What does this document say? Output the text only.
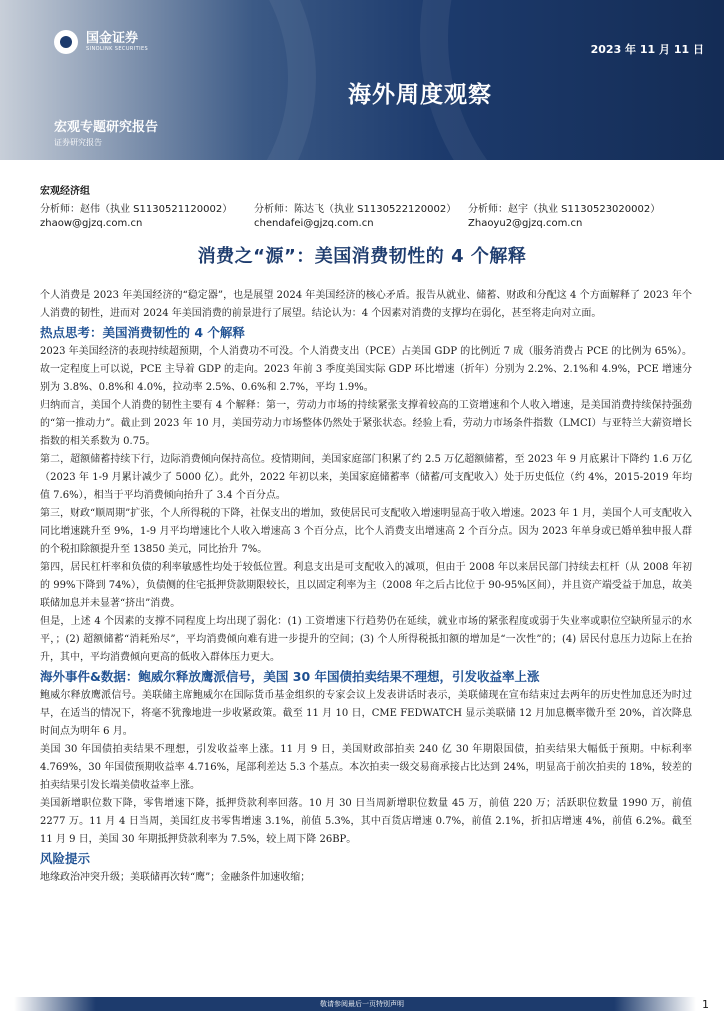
国金证券
SINOLINK SECURITIES	2023 年 11 月 11 日
海外周度观察
宏观专题研究报告
证券研究报告
宏观经济组
分析师：赵伟（执业 S1130521120002）	分析师：陈达飞（执业 S1130522120002）	分析师：赵宇（执业 S1130523020002）
zhaow@gjzq.com.cn	chendafei@gjzq.com.cn	Zhaoyu2@gjzq.com.cn
消费之“源”：美国消费韧性的 4 个解释

个人消费是 2023 年美国经济的“稳定器”，也是展望 2024 年美国经济的核心矛盾。报告从就业、储蓄、财政和分配这 4 个方面解释了 2023 年个人消费的韧性，进而对 2024 年美国消费的前景进行了展望。结论认为：4 个因素对消费的支撑均在弱化，甚至将走向对立面。

热点思考：美国消费韧性的 4 个解释

2023 年美国经济的表现持续超预期，个人消费功不可没。个人消费支出（PCE）占美国 GDP 的比例近 7 成（服务消费占 PCE 的比例为 65%）。故一定程度上可以说，PCE 主导着 GDP 的走向。2023 年前 3 季度美国实际 GDP 环比增速（折年）分别为 2.2%、2.1%和 4.9%，PCE 增速分别为 3.8%、0.8%和 4.0%，拉动率 2.5%、0.6%和 2.7%，平均 1.9%。

归纳而言，美国个人消费的韧性主要有 4 个解释：第一，劳动力市场的持续紧张支撑着较高的工资增速和个人收入增速，是美国消费持续保持强劲的“第一推动力”。截止到 2023 年 10 月，美国劳动力市场整体仍然处于紧张状态。经验上看，劳动力市场条件指数（LMCI）与亚特兰大薪资增长指数的相关系数为 0.75。

第二，超额储蓄持续下行，边际消费倾向保持高位。疫情期间，美国家庭部门积累了约 2.5 万亿超额储蓄，至 2023 年 9 月底累计下降约 1.6 万亿（2023 年 1-9 月累计减少了 5000 亿）。此外，2022 年初以来，美国家庭储蓄率（储蓄/可支配收入）处于历史低位（约 4%，2015-2019 年均值 7.6%），相当于平均消费倾向抬升了 3.4 个百分点。

第三，财政“顺周期”扩张，个人所得税的下降，社保支出的增加，致使居民可支配收入增速明显高于收入增速。2023 年 1 月，美国个人可支配收入同比增速跳升至 9%，1-9 月平均增速比个人收入增速高 3 个百分点，比个人消费支出增速高 2 个百分点。因为 2023 年单身或已婚单独申报人群的个税扣除额提升至 13850 美元，同比抬升 7%。

第四，居民杠杆率和负债的利率敏感性均处于较低位置。利息支出是可支配收入的减项，但由于 2008 年以来居民部门持续去杠杆（从 2008 年初的 99%下降到 74%），负债侧的住宅抵押贷款期限较长，且以固定利率为主（2008 年之后占比位于 90-95%区间），并且资产端受益于加息，故美联储加息并未显著“挤出”消费。

但是，上述 4 个因素的支撑不同程度上均出现了弱化：(1) 工资增速下行趋势仍在延续，就业市场的紧张程度或弱于失业率或职位空缺所显示的水平，；(2) 超额储蓄“消耗殆尽”，平均消费倾向难有进一步提升的空间；(3) 个人所得税抵扣额的增加是“一次性”的；(4) 居民付息压力边际上在抬升，其中，平均消费倾向更高的低收入群体压力更大。

海外事件&数据：鲍威尔释放鹰派信号，美国 30 年国债拍卖结果不理想，引发收益率上涨

鲍威尔释放鹰派信号。美联储主席鲍威尔在国际货币基金组织的专家会议上发表讲话时表示，美联储现在宣布结束过去两年的历史性加息还为时过早，在适当的情况下，将毫不犹豫地进一步收紧政策。截至 11 月 10 日，CME FEDWATCH 显示美联储 12 月加息概率微升至 20%，首次降息时间点为明年 6 月。

美国 30 年国债拍卖结果不理想，引发收益率上涨。11 月 9 日，美国财政部拍卖 240 亿 30 年期限国债，拍卖结果大幅低于预期。中标利率 4.769%，30 年国债预期收益率 4.716%，尾部利差达 5.3 个基点。本次拍卖一级交易商承接占比达到 24%，明显高于前次拍卖的 18%，较差的拍卖结果引发长端美债收益率上涨。

美国新增职位数下降，零售增速下降，抵押贷款利率回落。10 月 30 日当周新增职位数量 45 万，前值 220 万；活跃职位数量 1990 万，前值 2277 万。11 月 4 日当周，美国红皮书零售增速 3.1%，前值 5.3%，其中百货店增速 0.7%，前值 2.1%，折扣店增速 4%，前值 6.2%。截至 11 月 9 日，美国 30 年期抵押贷款利率为 7.5%，较上周下降 26BP。

风险提示

地缘政治冲突升级；美联储再次转“鹰”；金融条件加速收缩；

敬请参阅最后一页特别声明	1
